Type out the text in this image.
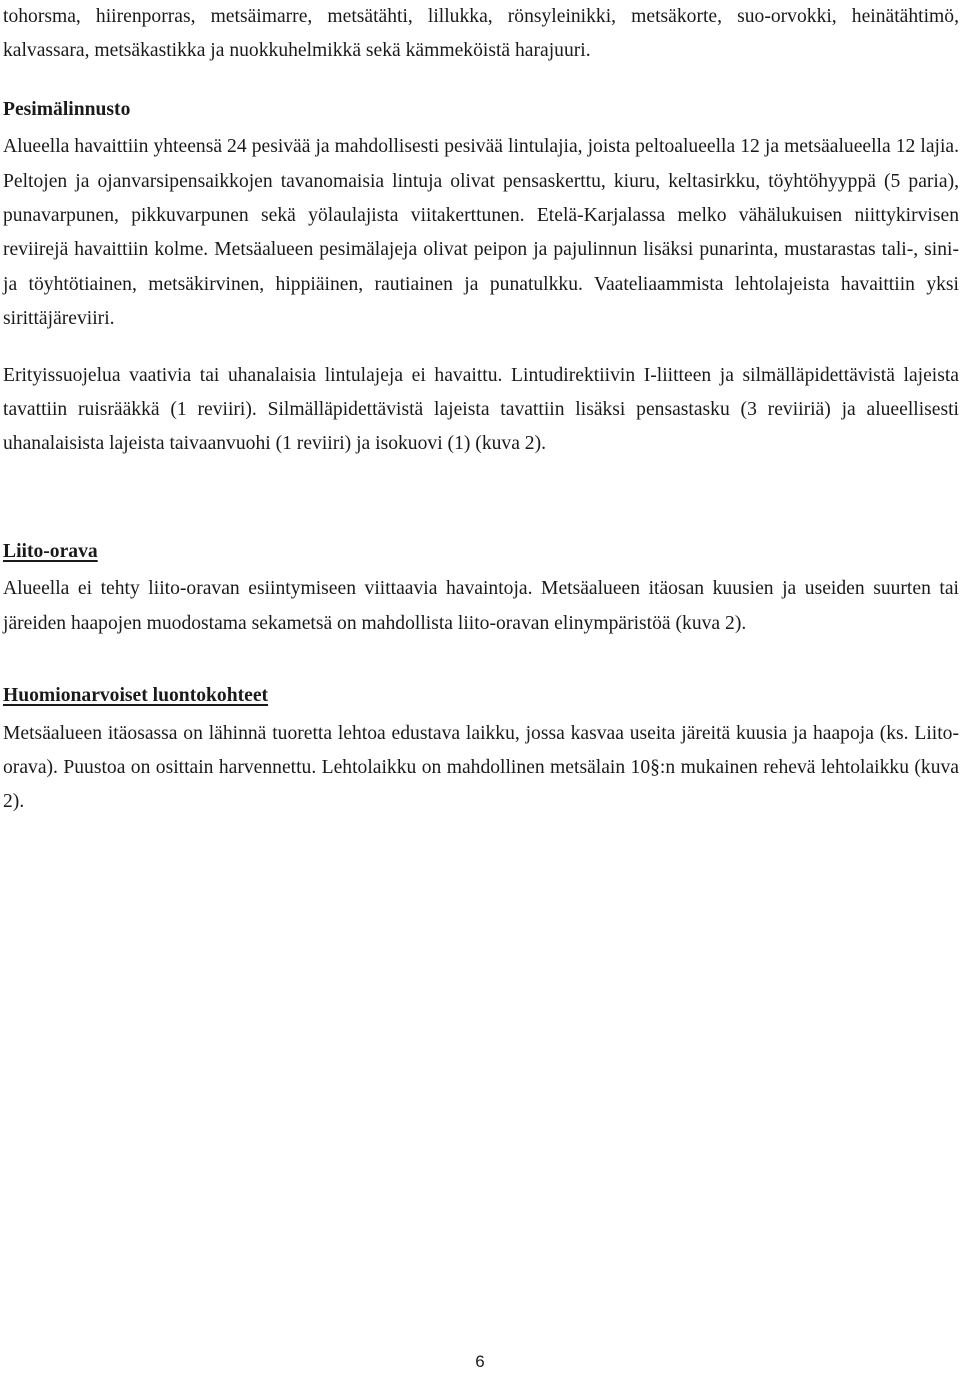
tohorsma, hiirenporras, metsäimarre, metsätähti, lillukka, rönsyleinikki, metsäkorte, suo-orvokki, heinätähtimö, kalvassara, metsäkastikka ja nuokkuhelmikkä sekä kämmeköistä harajuuri.

Pesimälinnusto

Alueella havaittiin yhteensä 24 pesivää ja mahdollisesti pesivää lintulajia, joista peltoalueella 12 ja metsäalueella 12 lajia. Peltojen ja ojanvarsipensaikkojen tavanomaisia lintuja olivat pensaskerttu, kiuru, keltasirkku, töyhtöhyyppä (5 paria), punavarpunen, pikkuvarpunen sekä yölaulajista viitakerttunen. Etelä-Karjalassa melko vähälukuisen niittykirvisen reviirejä havaittiin kolme. Metsäalueen pesimälajeja olivat peipon ja pajulinnun lisäksi punarinta, mustarastas tali-, sini- ja töyhtötiainen, metsäkirvinen, hippiäinen, rautiainen ja punatulkku. Vaateliaammista lehtolajeista havaittiin yksi sirittäjäreviiri.

Erityissuojelua vaativia tai uhanalaisia lintulajeja ei havaittu. Lintudirektiivin I-liitteen ja silmälläpidettävistä lajeista tavattiin ruisrääkkä (1 reviiri). Silmälläpidettävistä lajeista tavattiin lisäksi pensastasku (3 reviiriä) ja alueellisesti uhanalaisista lajeista taivaanvuohi (1 reviiri) ja isokuovi (1) (kuva 2).

Liito-orava

Alueella ei tehty liito-oravan esiintymiseen viittaavia havaintoja. Metsäalueen itäosan kuusien ja useiden suurten tai järeiden haapojen muodostama sekametsä on mahdollista liito-oravan elinympäristöä (kuva 2).

Huomionarvoiset luontokohteet

Metsäalueen itäosassa on lähinnä tuoretta lehtoa edustava laikku, jossa kasvaa useita järeitä kuusia ja haapoja (ks. Liito-orava). Puustoa on osittain harvennettu. Lehtolaikku on mahdollinen metsälain 10§:n mukainen rehevä lehtolaikku (kuva 2).

6
